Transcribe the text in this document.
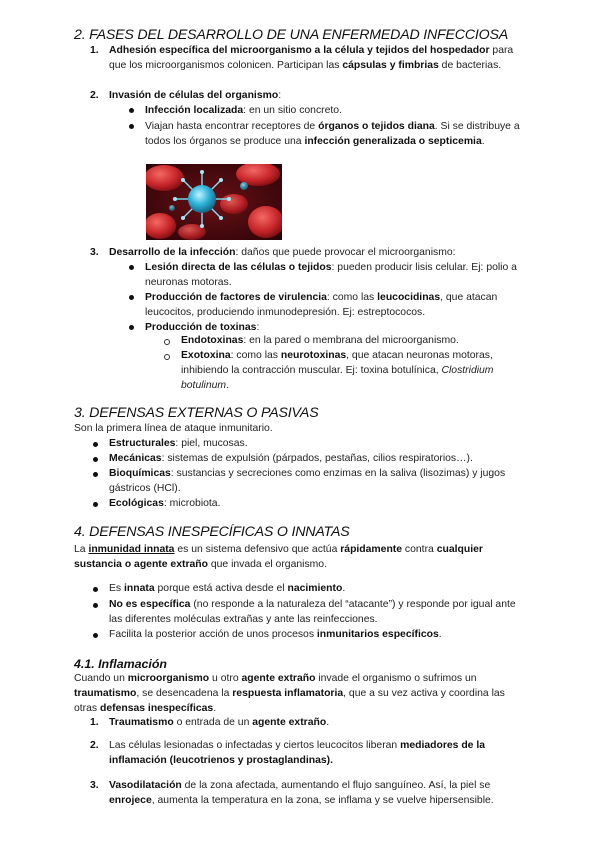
2. FASES DEL DESARROLLO DE UNA ENFERMEDAD INFECCIOSA
1. Adhesión específica del microorganismo a la célula y tejidos del hospedador para que los microorganismos colonicen. Participan las cápsulas y fimbrias de bacterias.
2. Invasión de células del organismo:
Infección localizada: en un sitio concreto.
Viajan hasta encontrar receptores de órganos o tejidos diana. Si se distribuye a todos los órganos se produce una infección generalizada o septicemia.
3. Desarrollo de la infección: daños que puede provocar el microorganismo:
Lesión directa de las células o tejidos: pueden producir lisis celular. Ej: polio a neuronas motoras.
Producción de factores de virulencia: como las leucocidinas, que atacan leucocitos, produciendo inmunodepresión. Ej: estreptococos.
Producción de toxinas:
Endotoxinas: en la pared o membrana del microorganismo.
Exotoxina: como las neurotoxinas, que atacan neuronas motoras, inhibiendo la contracción muscular. Ej: toxina botulínica, Clostridium botulinum.
3. DEFENSAS EXTERNAS O PASIVAS
Son la primera línea de ataque inmunitario.
Estructurales: piel, mucosas.
Mecánicas: sistemas de expulsión (párpados, pestañas, cilios respiratorios…).
Bioquímicas: sustancias y secreciones como enzimas en la saliva (lisozimas) y jugos gástricos (HCl).
Ecológicas: microbiota.
4. DEFENSAS INESPECÍFICAS O INNATAS
La inmunidad innata es un sistema defensivo que actúa rápidamente contra cualquier sustancia o agente extraño que invada el organismo.
Es innata porque está activa desde el nacimiento.
No es específica (no responde a la naturaleza del “atacante”) y responde por igual ante las diferentes moléculas extrañas y ante las reinfecciones.
Facilita la posterior acción de unos procesos inmunitarios específicos.
4.1. Inflamación
Cuando un microorganismo u otro agente extraño invade el organismo o sufrimos un traumatismo, se desencadena la respuesta inflamatoria, que a su vez activa y coordina las otras defensas inespecíficas.
1. Traumatismo o entrada de un agente extraño.
2. Las células lesionadas o infectadas y ciertos leucocitos liberan mediadores de la inflamación (leucotrienos y prostaglandinas).
3. Vasodilatación de la zona afectada, aumentando el flujo sanguíneo. Así, la piel se enrojece, aumenta la temperatura en la zona, se inflama y se vuelve hipersensible.
